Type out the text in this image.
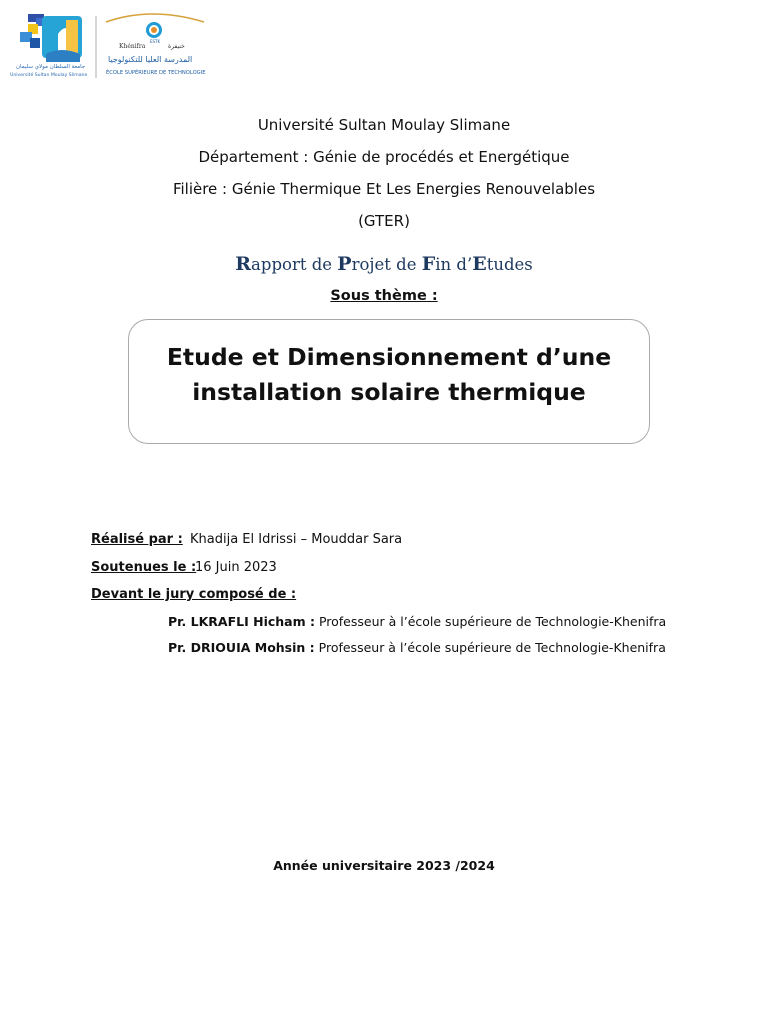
جامعة السلطان مولاي سليمان
Université Sultan Moulay Slimane
ESTK
Khénifra	خنيفرة
المدرسة العليا للتكنولوجيا
ÉCOLE SUPÉRIEURE DE TECHNOLOGIE
Université Sultan Moulay Slimane
Département : Génie de procédés et Energétique
Filière : Génie Thermique Et Les Energies Renouvelables
(GTER)
Rapport de Projet de Fin d’Etudes
Sous thème :
Etude et Dimensionnement d’une
installation solaire thermique
Réalisé par : Khadija El Idrissi – Mouddar Sara
Soutenues le :
16 Juin 2023
Devant le jury composé de :
Pr. LKRAFLI Hicham : Professeur à l’école supérieure de Technologie-Khenifra
Pr. DRIOUIA Mohsin : Professeur à l’école supérieure de Technologie-Khenifra
Année universitaire 2023 /2024
